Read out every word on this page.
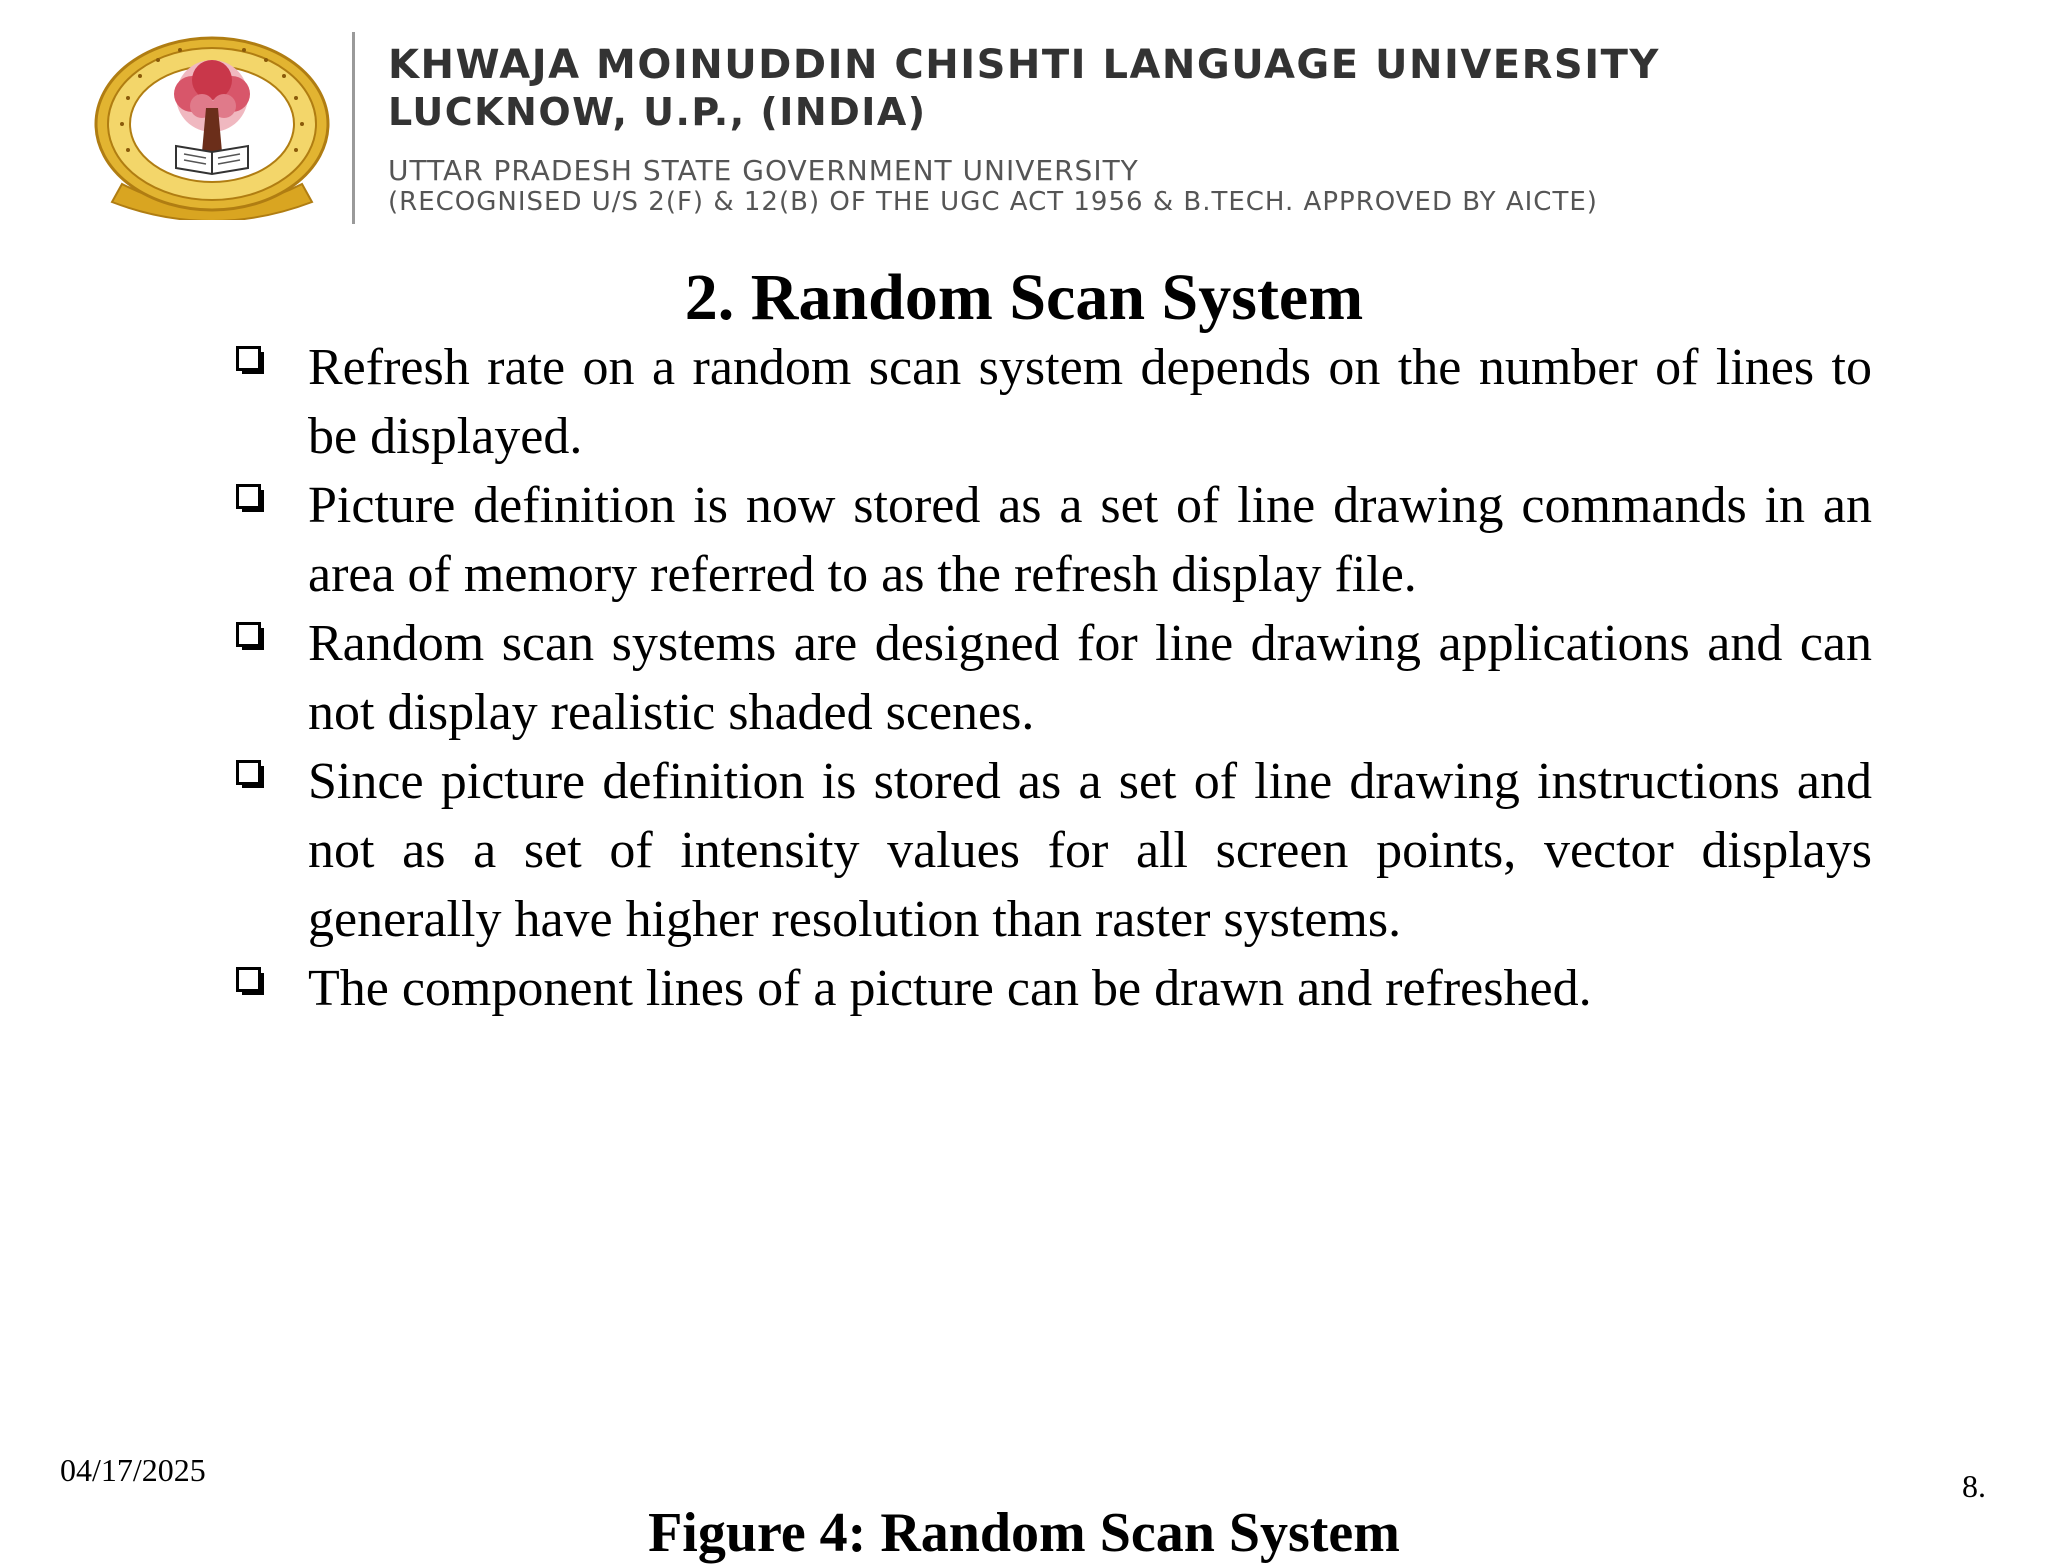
KHWAJA MOINUDDIN CHISHTI LANGUAGE UNIVERSITY
LUCKNOW, U.P., (INDIA)
UTTAR PRADESH STATE GOVERNMENT UNIVERSITY
(RECOGNISED U/S 2(F) & 12(B) OF THE UGC ACT 1956 & B.TECH. APPROVED BY AICTE)
2. Random Scan System
Refresh rate on a random scan system depends on the number of lines to be displayed.
Picture definition is now stored as a set of line drawing commands in an area of memory referred to as the refresh display file.
Random scan systems are designed for line drawing applications and can not display realistic shaded scenes.
Since picture definition is stored as a set of line drawing instructions and not as a set of intensity values for all screen points, vector displays generally have higher resolution than raster systems.
The component lines of a picture can be drawn and refreshed.
04/17/2025	8.
Figure 4: Random Scan System
